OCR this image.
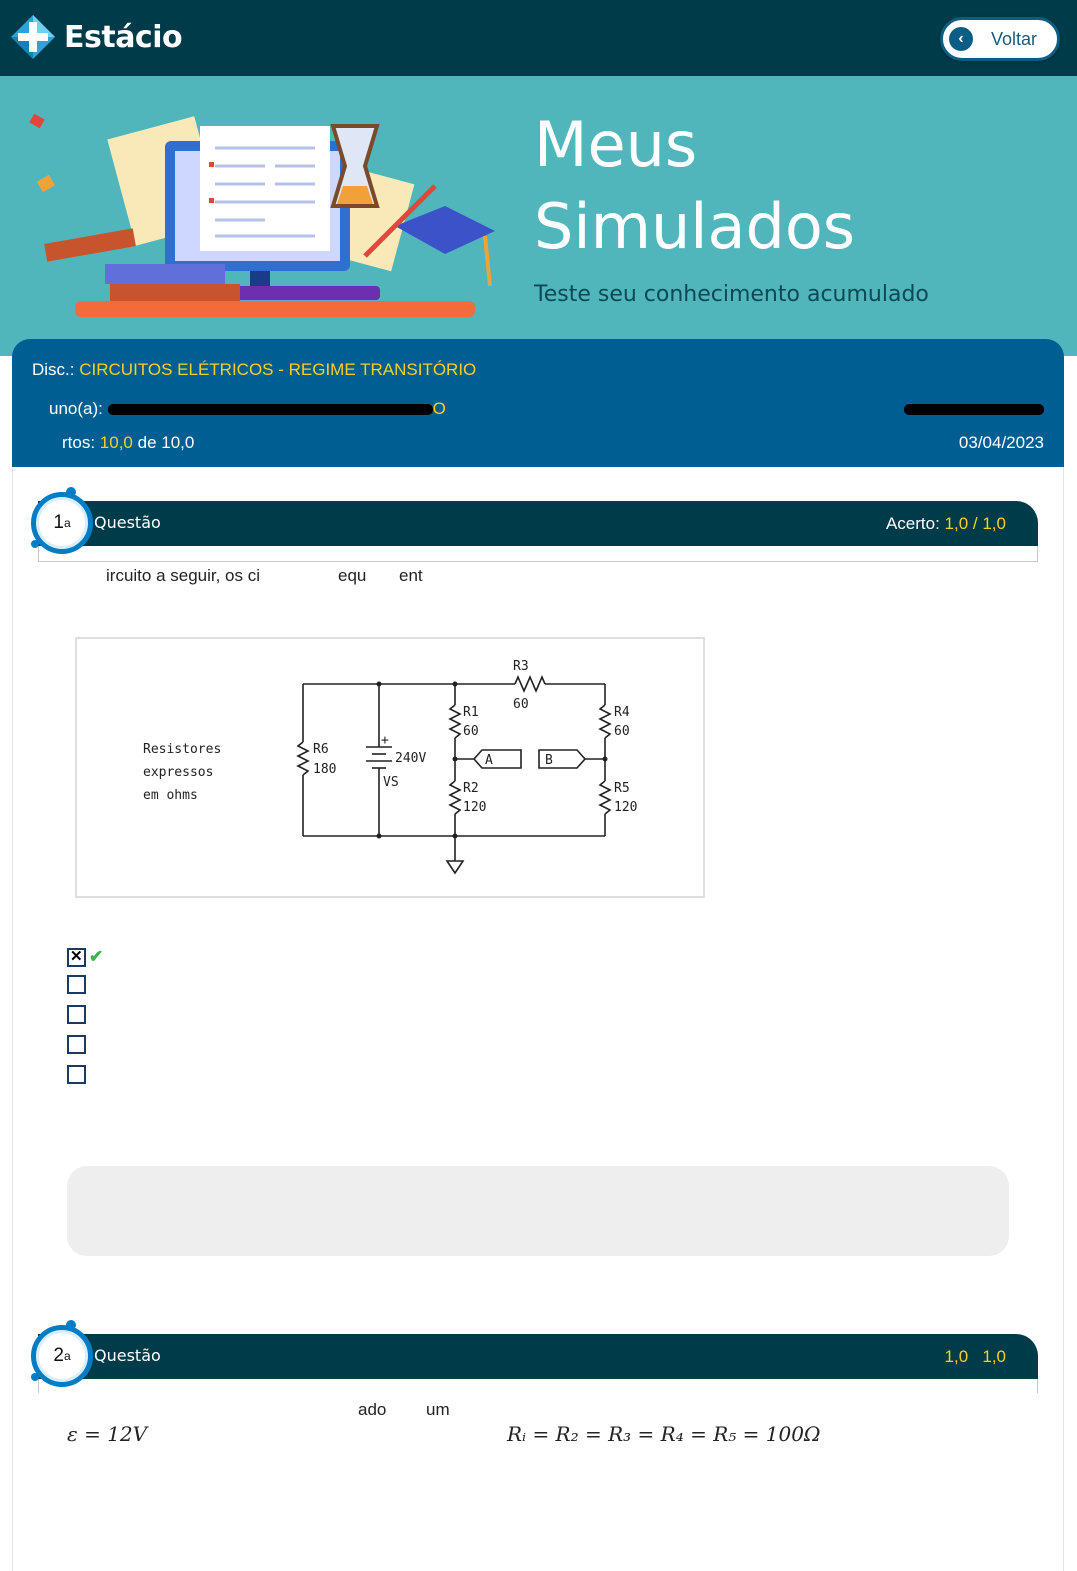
Estácio	‹	Voltar
Meus
Simulados
Teste seu conhecimento acumulado
Disc.: CIRCUITOS ELÉTRICOS - REGIME TRANSITÓRIO
uno(a):	O
rtos: 10,0 de 10,0	03/04/2023
Questão	Acerto: 1,0 / 1,0
1 a
ircuito a seguir, os ci	equ ent
Resistores
expressos
em ohms
R6
180
+
240V
VS
R3
60
R1
60
R2
120
R4
60
R5
120
A	B
✕
✔
Questão	1,0 1,0
2 a
ado um
ε = 12V	Rᵢ = R₂ = R₃ = R₄ = R₅ = 100Ω
